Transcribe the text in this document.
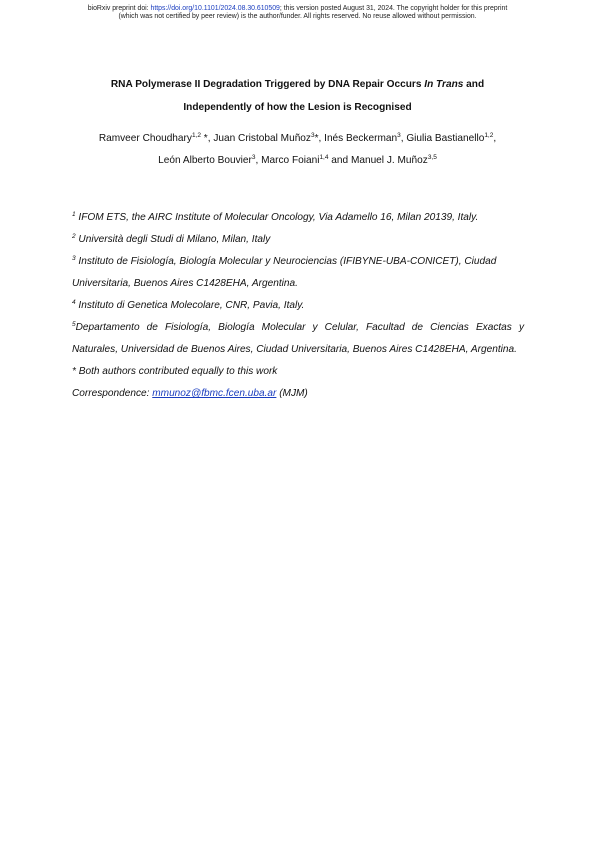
bioRxiv preprint doi: https://doi.org/10.1101/2024.08.30.610509; this version posted August 31, 2024. The copyright holder for this preprint
(which was not certified by peer review) is the author/funder. All rights reserved. No reuse allowed without permission.
RNA Polymerase II Degradation Triggered by DNA Repair Occurs In Trans and
Independently of how the Lesion is Recognised
Ramveer Choudhary$^{1,2}$ *, Juan Cristobal Muñoz$^3$*, Inés Beckerman$^3$, Giulia Bastianello$^{1,2}$,
León Alberto Bouvier$^3$, Marco Foiani$^{1,4}$ and Manuel J. Muñoz$^{3,5}$
$^1$ IFOM ETS, the AIRC Institute of Molecular Oncology, Via Adamello 16, Milan 20139, Italy.
$^2$ Università degli Studi di Milano, Milan, Italy
$^3$ Instituto de Fisiología, Biología Molecular y Neurociencias (IFIBYNE-UBA-CONICET), Ciudad Universitaria, Buenos Aires C1428EHA, Argentina.
$^4$ Instituto di Genetica Molecolare, CNR, Pavia, Italy.
$^5$Departamento de Fisiología, Biología Molecular y Celular, Facultad de Ciencias Exactas y Naturales, Universidad de Buenos Aires, Ciudad Universitaria, Buenos Aires C1428EHA, Argentina.
* Both authors contributed equally to this work
Correspondence: mmunoz@fbmc.fcen.uba.ar (MJM)
